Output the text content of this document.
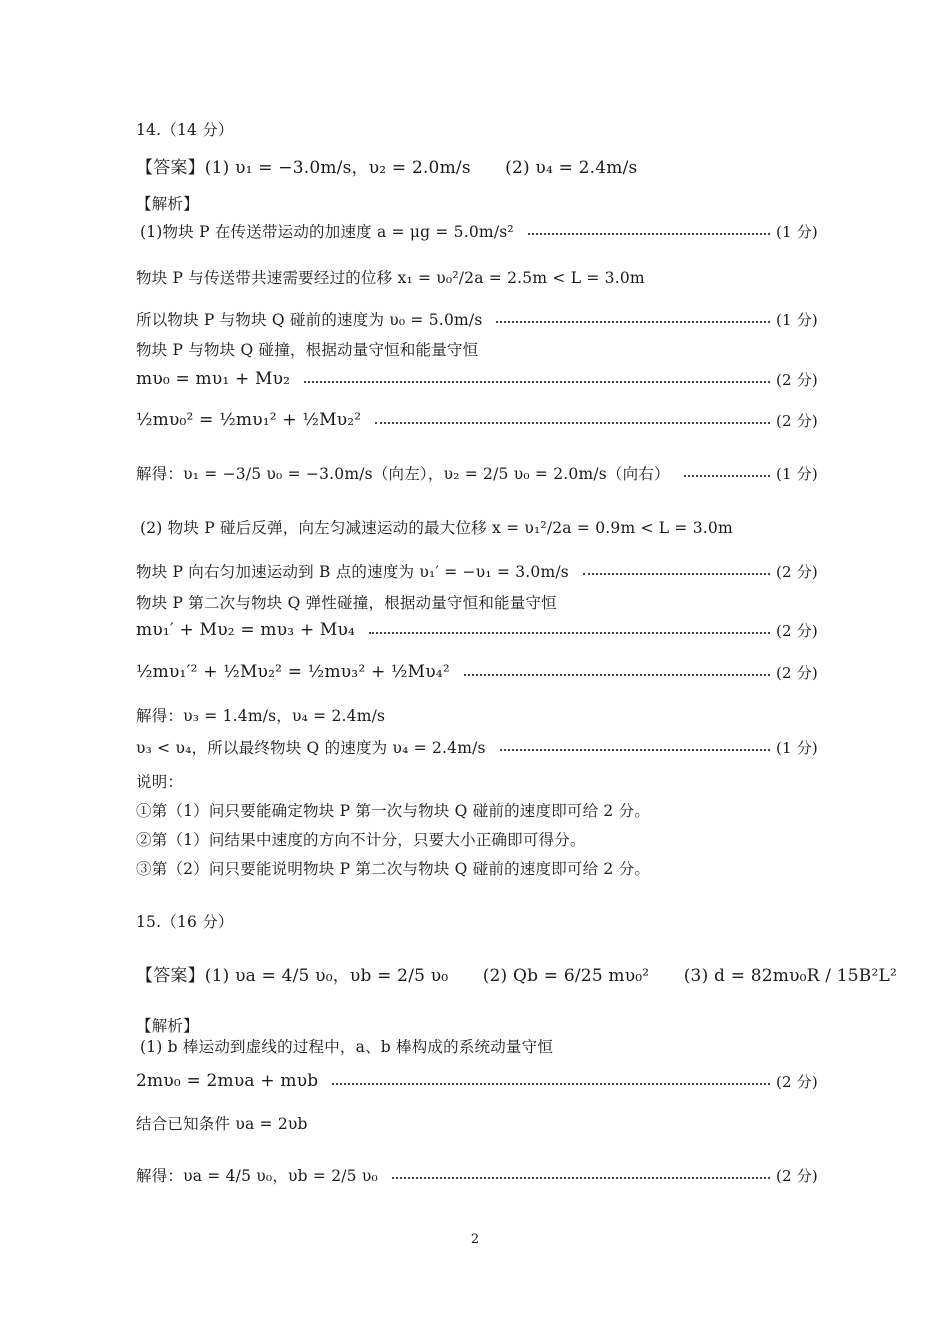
14.（14 分）
【答案】(1) υ₁ = −3.0m/s，υ₂ = 2.0m/s　　(2) υ₄ = 2.4m/s
【解析】
(1)物块 P 在传送带运动的加速度 a = μg = 5.0m/s²	(1 分)
物块 P 与传送带共速需要经过的位移 x₁ = υ₀²/2a = 2.5m < L = 3.0m
所以物块 P 与物块 Q 碰前的速度为 υ₀ = 5.0m/s	(1 分)
物块 P 与物块 Q 碰撞，根据动量守恒和能量守恒
mυ₀ = mυ₁ + Mυ₂	(2 分)
½mυ₀² = ½mυ₁² + ½Mυ₂²	(2 分)
解得：υ₁ = −3/5 υ₀ = −3.0m/s（向左），υ₂ = 2/5 υ₀ = 2.0m/s（向右）	(1 分)
(2) 物块 P 碰后反弹，向左匀减速运动的最大位移 x = υ₁²/2a = 0.9m < L = 3.0m
物块 P 向右匀加速运动到 B 点的速度为 υ₁′ = −υ₁ = 3.0m/s	(2 分)
物块 P 第二次与物块 Q 弹性碰撞，根据动量守恒和能量守恒
mυ₁′ + Mυ₂ = mυ₃ + Mυ₄	(2 分)
½mυ₁′² + ½Mυ₂² = ½mυ₃² + ½Mυ₄²	(2 分)
解得：υ₃ = 1.4m/s，υ₄ = 2.4m/s
υ₃ < υ₄，所以最终物块 Q 的速度为 υ₄ = 2.4m/s	(1 分)
说明：
①第（1）问只要能确定物块 P 第一次与物块 Q 碰前的速度即可给 2 分。
②第（1）问结果中速度的方向不计分，只要大小正确即可得分。
③第（2）问只要能说明物块 P 第二次与物块 Q 碰前的速度即可给 2 分。
15.（16 分）
【答案】(1) υa = 4/5 υ₀，υb = 2/5 υ₀　　(2) Qb = 6/25 mυ₀²　　(3) d = 82mυ₀R / 15B²L²
【解析】
(1) b 棒运动到虚线的过程中，a、b 棒构成的系统动量守恒
2mυ₀ = 2mυa + mυb	(2 分)
结合已知条件 υa = 2υb
解得：υa = 4/5 υ₀，υb = 2/5 υ₀	(2 分)
2
